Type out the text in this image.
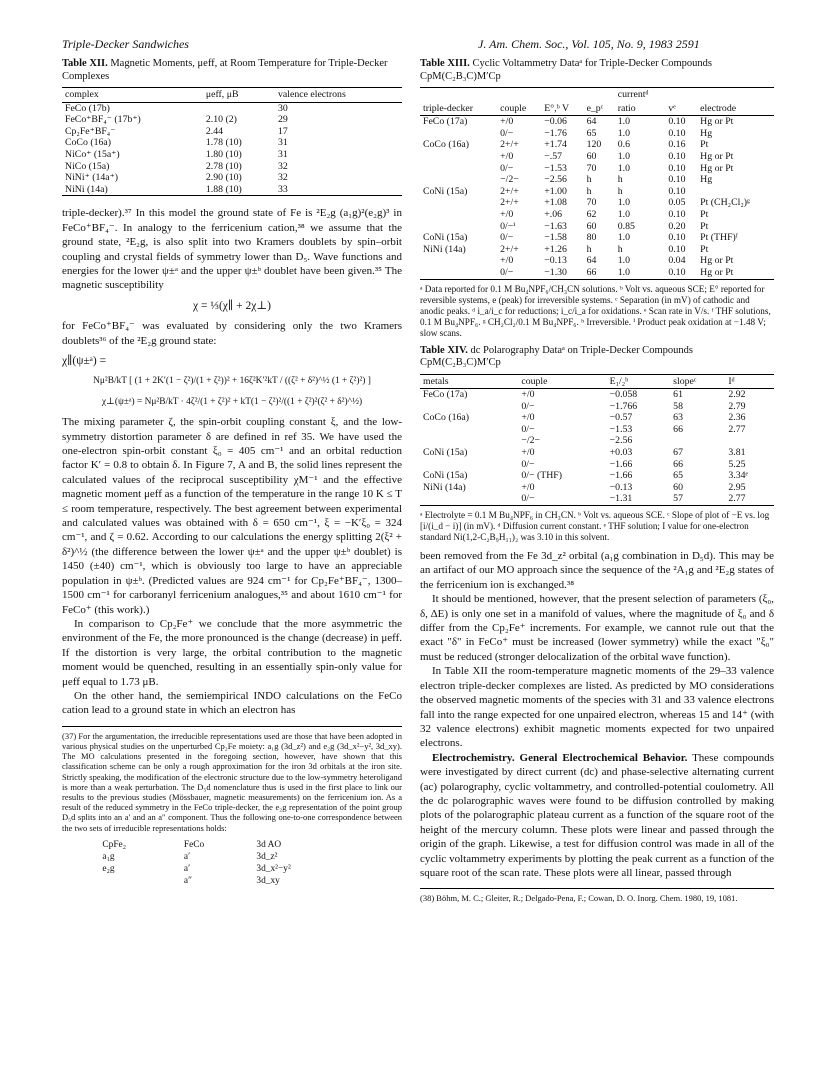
Triple-Decker Sandwiches	J. Am. Chem. Soc., Vol. 105, No. 9, 1983 2591
Table XII. Magnetic Moments, μeff, at Room Temperature for Triple-Decker Complexes
complex	μeff, μB	valence electrons
FeCo (17b)		30
FeCo⁺BF₄⁻ (17b⁺)	2.10 (2)	29
Cp₂Fe⁺BF₄⁻	2.44	17
CoCo (16a)	1.78 (10)	31
NiCo⁺ (15a⁺)	1.80 (10)	31
NiCo (15a)	2.78 (10)	32
NiNi⁺ (14a⁺)	2.90 (10)	32
NiNi (14a)	1.88 (10)	33

triple-decker).³⁷ In this model the ground state of Fe is ²E₂g (a₁g)²(e₂g)³ in FeCo⁺BF₄⁻. In analogy to the ferricenium cation,³⁸ we assume that the ground state, ²E₂g, is also split into two Kramers doublets by spin–orbit coupling and crystal fields of symmetry lower than D₅. Wave functions and energies for the lower ψ±ᵃ and the upper ψ±ᵇ doublet have been given.³⁵ The magnetic susceptibility

χ = ⅓(χ∥ + 2χ⊥)

for FeCo⁺BF₄⁻ was evaluated by considering only the two Kramers doublets³⁶ of the ²E₂g ground state:

χ∥(ψ±ᵃ) =
Nμ²B/kT [ (1 + 2K′(1 − ζ²)/(1 + ζ²))² + 16ζ²K′²kT / ((ζ² + δ²)^½ (1 + ζ²)²) ]
χ⊥(ψ±ᵃ) = Nμ²B/kT · 4ζ²/(1 + ζ²)² + kT(1 − ζ²)²/((1 + ζ²)²(ζ² + δ²)^½)

The mixing parameter ζ, the spin-orbit coupling constant ξ, and the low-symmetry distortion parameter δ are defined in ref 35. We have used the one-electron spin-orbit constant ξ₀ = 405 cm⁻¹ and an orbital reduction factor K′ = 0.8 to obtain δ. In Figure 7, A and B, the solid lines represent the calculated values of the reciprocal susceptibility χM⁻¹ and the effective magnetic moment μeff as a function of the temperature in the range 10 K ≤ T ≤ room temperature, respectively. The best agreement between experimental and calculated values was obtained with δ = 650 cm⁻¹, ξ = −K′ξ₀ = 324 cm⁻¹, and ζ = 0.62. According to our calculations the energy splitting 2(ξ² + δ²)^½ (the difference between the lower ψ±ᵃ and the upper ψ±ᵇ doublet) is 1450 (±40) cm⁻¹, which is obviously too large to have an appreciable population in ψ±ᵇ. (Predicted values are 924 cm⁻¹ for Cp₂Fe⁺BF₄⁻, 1300–1500 cm⁻¹ for carboranyl ferricenium analogues,³⁵ and about 1610 cm⁻¹ for FeCo⁺ (this work).)

In comparison to Cp₂Fe⁺ we conclude that the more asymmetric the environment of the Fe, the more pronounced is the change (decrease) in μeff. If the distortion is very large, the orbital contribution to the magnetic moment would be quenched, resulting in an essentially spin-only value for μeff equal to 1.73 μB.

On the other hand, the semiempirical INDO calculations on the FeCo cation lead to a ground state in which an electron has

(37) For the argumentation, the irreducible representations used are those that have been adopted in various physical studies on the unperturbed Cp₂Fe moiety: a₁g (3d_z²) and e₂g (3d_x²−y², 3d_xy). The MO calculations presented in the foregoing section, however, have shown that this classification scheme can be only a rough approximation for the iron 3d orbitals at the iron site. Strictly speaking, the modification of the electronic structure due to the low-symmetry heteroligand is more than a weak perturbation. The D₅d nomenclature thus is used in the first place to link our results to the previous studies (Mössbauer, magnetic measurements) on the ferricenium ion. As a result of the reduced symmetry in the FeCo triple-decker, the e₂g representation of the point group D₅d splits into an a′ and an a″ component. Thus the following one-to-one correspondence between the two sets of irreducible representations holds:

CpFe₂	FeCo	3d AO
a₁g	a′	3d_z²
e₂g	a′	3d_x²−y²
	a″	3d_xy
Table XIII. Cyclic Voltammetry Dataᵃ for Triple-Decker Compounds CpM(C₂B₃C)M′Cp
				currentᵈ		
triple-decker	couple	E°,ᵇ V	e_pᶜ	ratio	vᵉ	electrode
FeCo (17a)	+/0	−0.06	64	1.0	0.10	Hg or Pt
	0/−	−1.76	65	1.0	0.10	Hg
CoCo (16a)	2+/+	+1.74	120	0.6	0.16	Pt
	+/0	−.57	60	1.0	0.10	Hg or Pt
	0/−	−1.53	70	1.0	0.10	Hg or Pt
	−/2−	−2.56	h	h	0.10	Hg
CoNi (15a)	2+/+	+1.00	h	h	0.10	
	2+/+	+1.08	70	1.0	0.05	Pt (CH₂Cl₂)ᵍ
	+/0	+.06	62	1.0	0.10	Pt
	0/−ⁱ	−1.63	60	0.85	0.20	Pt
CoNi (15a)	0/−	−1.58	80	1.0	0.10	Pt (THF)ᶠ
NiNi (14a)	2+/+	+1.26	h	h	0.10	Pt
	+/0	−0.13	64	1.0	0.04	Hg or Pt
	0/−	−1.30	66	1.0	0.10	Hg or Pt

ᵃ Data reported for 0.1 M Bu₄NPF₆/CH₃CN solutions. ᵇ Volt vs. aqueous SCE; E° reported for reversible systems, e (peak) for irreversible systems. ᶜ Separation (in mV) of cathodic and anodic peaks. ᵈ i_a/i_c for reductions; i_c/i_a for oxidations. ᵉ Scan rate in V/s. ᶠ THF solutions, 0.1 M Bu₄NPF₆. ᵍ CH₂Cl₂/0.1 M Bu₄NPF₆. ʰ Irreversible. ⁱ Product peak oxidation at −1.48 V; slow scans.

Table XIV. dc Polarography Dataᵃ on Triple-Decker Compounds CpM(C₂B₃C)M′Cp
metals	couple	E₁/₂ᵇ	slopeᶜ	Iᵈ
FeCo (17a)	+/0	−0.058	61	2.92
	0/−	−1.766	58	2.79
CoCo (16a)	+/0	−0.57	63	2.36
	0/−	−1.53	66	2.77
	−/2−	−2.56		
CoNi (15a)	+/0	+0.03	67	3.81
	0/−	−1.66	66	5.25
CoNi (15a)	0/− (THF)	−1.66	65	3.34ᵉ
NiNi (14a)	+/0	−0.13	60	2.95
	0/−	−1.31	57	2.77

ᵃ Electrolyte = 0.1 M Bu₄NPF₆ in CH₃CN. ᵇ Volt vs. aqueous SCE. ᶜ Slope of plot of −E vs. log [i/(i_d − i)] (in mV). ᵈ Diffusion current constant. ᵉ THF solution; I value for one-electron standard Ni(1,2-C₂B₉H₁₁)₂ was 3.10 in this solvent.

been removed from the Fe 3d_z² orbital (a₁g combination in D₅d). This may be an artifact of our MO approach since the sequence of the ²A₁g and ²E₂g states of the ferricenium ion is exchanged.³⁸

It should be mentioned, however, that the present selection of parameters (ξ₀, δ, ΔE) is only one set in a manifold of values, where the magnitude of ξ₀ and δ differ from the Cp₂Fe⁺ increments. For example, we cannot rule out that the exact "δ" in FeCo⁺ must be increased (lower symmetry) while the exact "ξ₀" must be reduced (stronger delocalization of the orbital wave function).

In Table XII the room-temperature magnetic moments of the 29–33 valence electron triple-decker complexes are listed. As predicted by MO considerations the observed magnetic moments of the species with 31 and 33 valence electrons fall into the range expected for one unpaired electron, whereas 15 and 14⁺ (with 32 valence electrons) exhibit magnetic moments expected for two unpaired electrons.

Electrochemistry. General Electrochemical Behavior. These compounds were investigated by direct current (dc) and phase-selective alternating current (ac) polarography, cyclic voltammetry, and controlled-potential coulometry. All the dc polarographic waves were found to be diffusion controlled by making plots of the polarographic plateau current as a function of the square root of the height of the mercury column. These plots were linear and passed through the origin of the graph. Likewise, a test for diffusion control was made in all of the cyclic voltammetry experiments by plotting the peak current as a function of the square root of the scan rate. These plots were all linear, passed through

(38) Böhm, M. C.; Gleiter, R.; Delgado-Pena, F.; Cowan, D. O. Inorg. Chem. 1980, 19, 1081.
